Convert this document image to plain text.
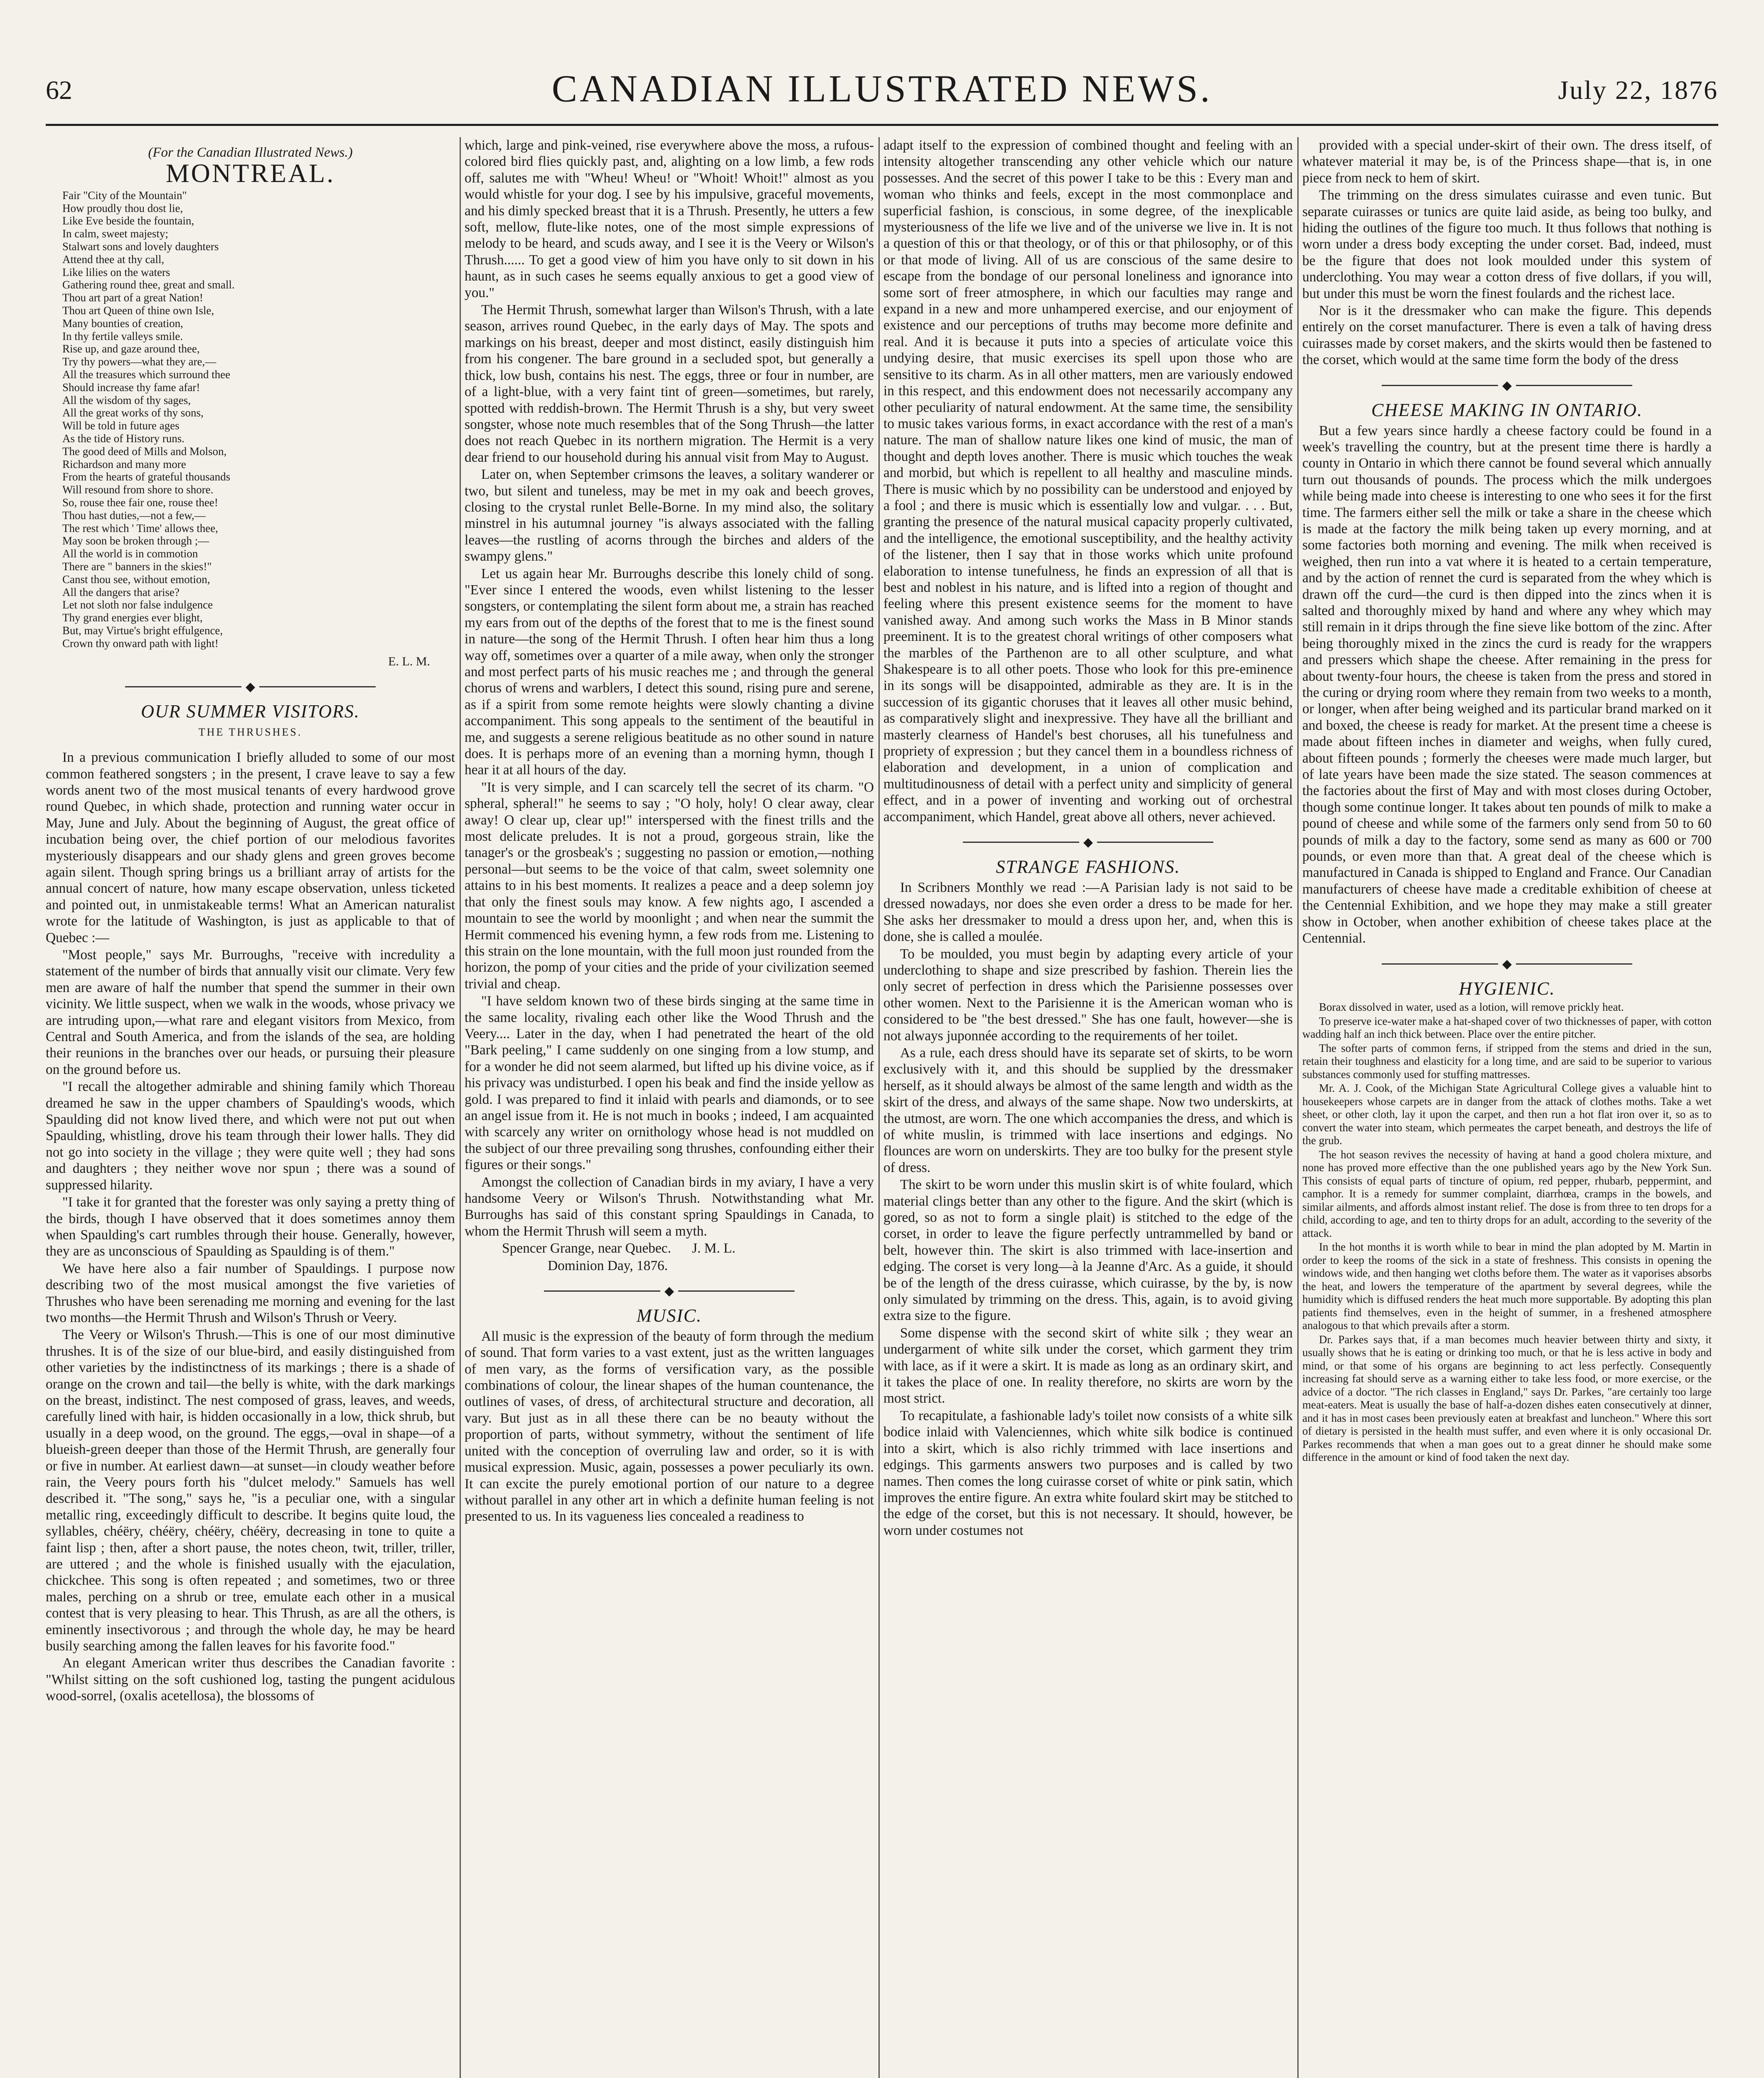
62	CANADIAN ILLUSTRATED NEWS.	July 22, 1876
(For the Canadian Illustrated News.)
MONTREAL.
Fair "City of the Mountain"
How proudly thou dost lie,
Like Eve beside the fountain,
In calm, sweet majesty;
Stalwart sons and lovely daughters
Attend thee at thy call,
Like lilies on the waters
Gathering round thee, great and small.
Thou art part of a great Nation!
Thou art Queen of thine own Isle,
Many bounties of creation,
In thy fertile valleys smile.
Rise up, and gaze around thee,
Try thy powers—what they are,—
All the treasures which surround thee
Should increase thy fame afar!
All the wisdom of thy sages,
All the great works of thy sons,
Will be told in future ages
As the tide of History runs.
The good deed of Mills and Molson,
Richardson and many more
From the hearts of grateful thousands
Will resound from shore to shore.
So, rouse thee fair one, rouse thee!
Thou hast duties,—not a few,—
The rest which ' Time' allows thee,
May soon be broken through ;—
All the world is in commotion
There are " banners in the skies!"
Canst thou see, without emotion,
All the dangers that arise?
Let not sloth nor false indulgence
Thy grand energies ever blight,
But, may Virtue's bright effulgence,
Crown thy onward path with light!
E. L. M.
◆
OUR SUMMER VISITORS.
THE THRUSHES.

In a previous communication I briefly alluded to some of our most common feathered songsters ; in the present, I crave leave to say a few words anent two of the most musical tenants of every hardwood grove round Quebec, in which shade, protection and running water occur in May, June and July. About the beginning of August, the great office of incubation being over, the chief portion of our melodious favorites mysteriously disappears and our shady glens and green groves become again silent. Though spring brings us a brilliant array of artists for the annual concert of nature, how many escape observation, unless ticketed and pointed out, in unmistakeable terms! What an American naturalist wrote for the latitude of Washington, is just as applicable to that of Quebec :—

"Most people," says Mr. Burroughs, "receive with incredulity a statement of the number of birds that annually visit our climate. Very few men are aware of half the number that spend the summer in their own vicinity. We little suspect, when we walk in the woods, whose privacy we are intruding upon,—what rare and elegant visitors from Mexico, from Central and South America, and from the islands of the sea, are holding their reunions in the branches over our heads, or pursuing their pleasure on the ground before us.

"I recall the altogether admirable and shining family which Thoreau dreamed he saw in the upper chambers of Spaulding's woods, which Spaulding did not know lived there, and which were not put out when Spaulding, whistling, drove his team through their lower halls. They did not go into society in the village ; they were quite well ; they had sons and daughters ; they neither wove nor spun ; there was a sound of suppressed hilarity.

"I take it for granted that the forester was only saying a pretty thing of the birds, though I have observed that it does sometimes annoy them when Spaulding's cart rumbles through their house. Generally, however, they are as unconscious of Spaulding as Spaulding is of them."

We have here also a fair number of Spauldings. I purpose now describing two of the most musical amongst the five varieties of Thrushes who have been serenading me morning and evening for the last two months—the Hermit Thrush and Wilson's Thrush or Veery.

The Veery or Wilson's Thrush.—This is one of our most diminutive thrushes. It is of the size of our blue-bird, and easily distinguished from other varieties by the indistinctness of its markings ; there is a shade of orange on the crown and tail—the belly is white, with the dark markings on the breast, indistinct. The nest composed of grass, leaves, and weeds, carefully lined with hair, is hidden occasionally in a low, thick shrub, but usually in a deep wood, on the ground. The eggs,—oval in shape—of a blueish-green deeper than those of the Hermit Thrush, are generally four or five in number. At earliest dawn—at sunset—in cloudy weather before rain, the Veery pours forth his "dulcet melody." Samuels has well described it. "The song," says he, "is a peculiar one, with a singular metallic ring, exceedingly difficult to describe. It begins quite loud, the syllables, chéëry, chéëry, chéëry, chéëry, decreasing in tone to quite a faint lisp ; then, after a short pause, the notes cheon, twit, triller, triller, are uttered ; and the whole is finished usually with the ejaculation, chickchee. This song is often repeated ; and sometimes, two or three males, perching on a shrub or tree, emulate each other in a musical contest that is very pleasing to hear. This Thrush, as are all the others, is eminently insectivorous ; and through the whole day, he may be heard busily searching among the fallen leaves for his favorite food."

An elegant American writer thus describes the Canadian favorite : "Whilst sitting on the soft cushioned log, tasting the pungent acidulous wood-sorrel, (oxalis acetellosa), the blossoms of

which, large and pink-veined, rise everywhere above the moss, a rufous-colored bird flies quickly past, and, alighting on a low limb, a few rods off, salutes me with "Wheu! Wheu! or "Whoit! Whoit!" almost as you would whistle for your dog. I see by his impulsive, graceful movements, and his dimly specked breast that it is a Thrush. Presently, he utters a few soft, mellow, flute-like notes, one of the most simple expressions of melody to be heard, and scuds away, and I see it is the Veery or Wilson's Thrush...... To get a good view of him you have only to sit down in his haunt, as in such cases he seems equally anxious to get a good view of you."

The Hermit Thrush, somewhat larger than Wilson's Thrush, with a late season, arrives round Quebec, in the early days of May. The spots and markings on his breast, deeper and most distinct, easily distinguish him from his congener. The bare ground in a secluded spot, but generally a thick, low bush, contains his nest. The eggs, three or four in number, are of a light-blue, with a very faint tint of green—sometimes, but rarely, spotted with reddish-brown. The Hermit Thrush is a shy, but very sweet songster, whose note much resembles that of the Song Thrush—the latter does not reach Quebec in its northern migration. The Hermit is a very dear friend to our household during his annual visit from May to August.

Later on, when September crimsons the leaves, a solitary wanderer or two, but silent and tuneless, may be met in my oak and beech groves, closing to the crystal runlet Belle-Borne. In my mind also, the solitary minstrel in his autumnal journey "is always associated with the falling leaves—the rustling of acorns through the birches and alders of the swampy glens."

Let us again hear Mr. Burroughs describe this lonely child of song. "Ever since I entered the woods, even whilst listening to the lesser songsters, or contemplating the silent form about me, a strain has reached my ears from out of the depths of the forest that to me is the finest sound in nature—the song of the Hermit Thrush. I often hear him thus a long way off, sometimes over a quarter of a mile away, when only the stronger and most perfect parts of his music reaches me ; and through the general chorus of wrens and warblers, I detect this sound, rising pure and serene, as if a spirit from some remote heights were slowly chanting a divine accompaniment. This song appeals to the sentiment of the beautiful in me, and suggests a serene religious beatitude as no other sound in nature does. It is perhaps more of an evening than a morning hymn, though I hear it at all hours of the day.

"It is very simple, and I can scarcely tell the secret of its charm. "O spheral, spheral!" he seems to say ; "O holy, holy! O clear away, clear away! O clear up, clear up!" interspersed with the finest trills and the most delicate preludes. It is not a proud, gorgeous strain, like the tanager's or the grosbeak's ; suggesting no passion or emotion,—nothing personal—but seems to be the voice of that calm, sweet solemnity one attains to in his best moments. It realizes a peace and a deep solemn joy that only the finest souls may know. A few nights ago, I ascended a mountain to see the world by moonlight ; and when near the summit the Hermit commenced his evening hymn, a few rods from me. Listening to this strain on the lone mountain, with the full moon just rounded from the horizon, the pomp of your cities and the pride of your civilization seemed trivial and cheap.

"I have seldom known two of these birds singing at the same time in the same locality, rivaling each other like the Wood Thrush and the Veery.... Later in the day, when I had penetrated the heart of the old "Bark peeling," I came suddenly on one singing from a low stump, and for a wonder he did not seem alarmed, but lifted up his divine voice, as if his privacy was undisturbed. I open his beak and find the inside yellow as gold. I was prepared to find it inlaid with pearls and diamonds, or to see an angel issue from it. He is not much in books ; indeed, I am acquainted with scarcely any writer on ornithology whose head is not muddled on the subject of our three prevailing song thrushes, confounding either their figures or their songs."

Amongst the collection of Canadian birds in my aviary, I have a very handsome Veery or Wilson's Thrush. Notwithstanding what Mr. Burroughs has said of this constant spring Spauldings in Canada, to whom the Hermit Thrush will seem a myth.

Spencer Grange, near Quebec. J. M. L.

Dominion Day, 1876.

◆
MUSIC.

All music is the expression of the beauty of form through the medium of sound. That form varies to a vast extent, just as the written languages of men vary, as the forms of versification vary, as the possible combinations of colour, the linear shapes of the human countenance, the outlines of vases, of dress, of architectural structure and decoration, all vary. But just as in all these there can be no beauty without the proportion of parts, without symmetry, without the sentiment of life united with the conception of overruling law and order, so it is with musical expression. Music, again, possesses a power peculiarly its own. It can excite the purely emotional portion of our nature to a degree without parallel in any other art in which a definite human feeling is not presented to us. In its vagueness lies concealed a readiness to

adapt itself to the expression of combined thought and feeling with an intensity altogether transcending any other vehicle which our nature possesses. And the secret of this power I take to be this : Every man and woman who thinks and feels, except in the most commonplace and superficial fashion, is conscious, in some degree, of the inexplicable mysteriousness of the life we live and of the universe we live in. It is not a question of this or that theology, or of this or that philosophy, or of this or that mode of living. All of us are conscious of the same desire to escape from the bondage of our personal loneliness and ignorance into some sort of freer atmosphere, in which our faculties may range and expand in a new and more unhampered exercise, and our enjoyment of existence and our perceptions of truths may become more definite and real. And it is because it puts into a species of articulate voice this undying desire, that music exercises its spell upon those who are sensitive to its charm. As in all other matters, men are variously endowed in this respect, and this endowment does not necessarily accompany any other peculiarity of natural endowment. At the same time, the sensibility to music takes various forms, in exact accordance with the rest of a man's nature. The man of shallow nature likes one kind of music, the man of thought and depth loves another. There is music which touches the weak and morbid, but which is repellent to all healthy and masculine minds. There is music which by no possibility can be understood and enjoyed by a fool ; and there is music which is essentially low and vulgar. . . . But, granting the presence of the natural musical capacity properly cultivated, and the intelligence, the emotional susceptibility, and the healthy activity of the listener, then I say that in those works which unite profound elaboration to intense tunefulness, he finds an expression of all that is best and noblest in his nature, and is lifted into a region of thought and feeling where this present existence seems for the moment to have vanished away. And among such works the Mass in B Minor stands preeminent. It is to the greatest choral writings of other composers what the marbles of the Parthenon are to all other sculpture, and what Shakespeare is to all other poets. Those who look for this pre-eminence in its songs will be disappointed, admirable as they are. It is in the succession of its gigantic choruses that it leaves all other music behind, as comparatively slight and inexpressive. They have all the brilliant and masterly clearness of Handel's best choruses, all his tunefulness and propriety of expression ; but they cancel them in a boundless richness of elaboration and development, in a union of complication and multitudinousness of detail with a perfect unity and simplicity of general effect, and in a power of inventing and working out of orchestral accompaniment, which Handel, great above all others, never achieved.

◆
STRANGE FASHIONS.

In Scribners Monthly we read :—A Parisian lady is not said to be dressed nowadays, nor does she even order a dress to be made for her. She asks her dressmaker to mould a dress upon her, and, when this is done, she is called a moulée.

To be moulded, you must begin by adapting every article of your underclothing to shape and size prescribed by fashion. Therein lies the only secret of perfection in dress which the Parisienne possesses over other women. Next to the Parisienne it is the American woman who is considered to be "the best dressed." She has one fault, however—she is not always juponnée according to the requirements of her toilet.

As a rule, each dress should have its separate set of skirts, to be worn exclusively with it, and this should be supplied by the dressmaker herself, as it should always be almost of the same length and width as the skirt of the dress, and always of the same shape. Now two underskirts, at the utmost, are worn. The one which accompanies the dress, and which is of white muslin, is trimmed with lace insertions and edgings. No flounces are worn on underskirts. They are too bulky for the present style of dress.

The skirt to be worn under this muslin skirt is of white foulard, which material clings better than any other to the figure. And the skirt (which is gored, so as not to form a single plait) is stitched to the edge of the corset, in order to leave the figure perfectly untrammelled by band or belt, however thin. The skirt is also trimmed with lace-insertion and edging. The corset is very long—à la Jeanne d'Arc. As a guide, it should be of the length of the dress cuirasse, which cuirasse, by the by, is now only simulated by trimming on the dress. This, again, is to avoid giving extra size to the figure.

Some dispense with the second skirt of white silk ; they wear an undergarment of white silk under the corset, which garment they trim with lace, as if it were a skirt. It is made as long as an ordinary skirt, and it takes the place of one. In reality therefore, no skirts are worn by the most strict.

To recapitulate, a fashionable lady's toilet now consists of a white silk bodice inlaid with Valenciennes, which white silk bodice is continued into a skirt, which is also richly trimmed with lace insertions and edgings. This garments answers two purposes and is called by two names. Then comes the long cuirasse corset of white or pink satin, which improves the entire figure. An extra white foulard skirt may be stitched to the edge of the corset, but this is not necessary. It should, however, be worn under costumes not

provided with a special under-skirt of their own. The dress itself, of whatever material it may be, is of the Princess shape—that is, in one piece from neck to hem of skirt.

The trimming on the dress simulates cuirasse and even tunic. But separate cuirasses or tunics are quite laid aside, as being too bulky, and hiding the outlines of the figure too much. It thus follows that nothing is worn under a dress body excepting the under corset. Bad, indeed, must be the figure that does not look moulded under this system of underclothing. You may wear a cotton dress of five dollars, if you will, but under this must be worn the finest foulards and the richest lace.

Nor is it the dressmaker who can make the figure. This depends entirely on the corset manufacturer. There is even a talk of having dress cuirasses made by corset makers, and the skirts would then be fastened to the corset, which would at the same time form the body of the dress

◆
CHEESE MAKING IN ONTARIO.

But a few years since hardly a cheese factory could be found in a week's travelling the country, but at the present time there is hardly a county in Ontario in which there cannot be found several which annually turn out thousands of pounds. The process which the milk undergoes while being made into cheese is interesting to one who sees it for the first time. The farmers either sell the milk or take a share in the cheese which is made at the factory the milk being taken up every morning, and at some factories both morning and evening. The milk when received is weighed, then run into a vat where it is heated to a certain temperature, and by the action of rennet the curd is separated from the whey which is drawn off the curd—the curd is then dipped into the zincs when it is salted and thoroughly mixed by hand and where any whey which may still remain in it drips through the fine sieve like bottom of the zinc. After being thoroughly mixed in the zincs the curd is ready for the wrappers and pressers which shape the cheese. After remaining in the press for about twenty-four hours, the cheese is taken from the press and stored in the curing or drying room where they remain from two weeks to a month, or longer, when after being weighed and its particular brand marked on it and boxed, the cheese is ready for market. At the present time a cheese is made about fifteen inches in diameter and weighs, when fully cured, about fifteen pounds ; formerly the cheeses were made much larger, but of late years have been made the size stated. The season commences at the factories about the first of May and with most closes during October, though some continue longer. It takes about ten pounds of milk to make a pound of cheese and while some of the farmers only send from 50 to 60 pounds of milk a day to the factory, some send as many as 600 or 700 pounds, or even more than that. A great deal of the cheese which is manufactured in Canada is shipped to England and France. Our Canadian manufacturers of cheese have made a creditable exhibition of cheese at the Centennial Exhibition, and we hope they may make a still greater show in October, when another exhibition of cheese takes place at the Centennial.

◆
HYGIENIC.

Borax dissolved in water, used as a lotion, will remove prickly heat.

To preserve ice-water make a hat-shaped cover of two thicknesses of paper, with cotton wadding half an inch thick between. Place over the entire pitcher.

The softer parts of common ferns, if stripped from the stems and dried in the sun, retain their toughness and elasticity for a long time, and are said to be superior to various substances commonly used for stuffing mattresses.

Mr. A. J. Cook, of the Michigan State Agricultural College gives a valuable hint to housekeepers whose carpets are in danger from the attack of clothes moths. Take a wet sheet, or other cloth, lay it upon the carpet, and then run a hot flat iron over it, so as to convert the water into steam, which permeates the carpet beneath, and destroys the life of the grub.

The hot season revives the necessity of having at hand a good cholera mixture, and none has proved more effective than the one published years ago by the New York Sun. This consists of equal parts of tincture of opium, red pepper, rhubarb, peppermint, and camphor. It is a remedy for summer complaint, diarrhœa, cramps in the bowels, and similar ailments, and affords almost instant relief. The dose is from three to ten drops for a child, according to age, and ten to thirty drops for an adult, according to the severity of the attack.

In the hot months it is worth while to bear in mind the plan adopted by M. Martin in order to keep the rooms of the sick in a state of freshness. This consists in opening the windows wide, and then hanging wet cloths before them. The water as it vaporises absorbs the heat, and lowers the temperature of the apartment by several degrees, while the humidity which is diffused renders the heat much more supportable. By adopting this plan patients find themselves, even in the height of summer, in a freshened atmosphere analogous to that which prevails after a storm.

Dr. Parkes says that, if a man becomes much heavier between thirty and sixty, it usually shows that he is eating or drinking too much, or that he is less active in body and mind, or that some of his organs are beginning to act less perfectly. Consequently increasing fat should serve as a warning either to take less food, or more exercise, or the advice of a doctor. "The rich classes in England," says Dr. Parkes, "are certainly too large meat-eaters. Meat is usually the base of half-a-dozen dishes eaten consecutively at dinner, and it has in most cases been previously eaten at breakfast and luncheon." Where this sort of dietary is persisted in the health must suffer, and even where it is only occasional Dr. Parkes recommends that when a man goes out to a great dinner he should make some difference in the amount or kind of food taken the next day.
